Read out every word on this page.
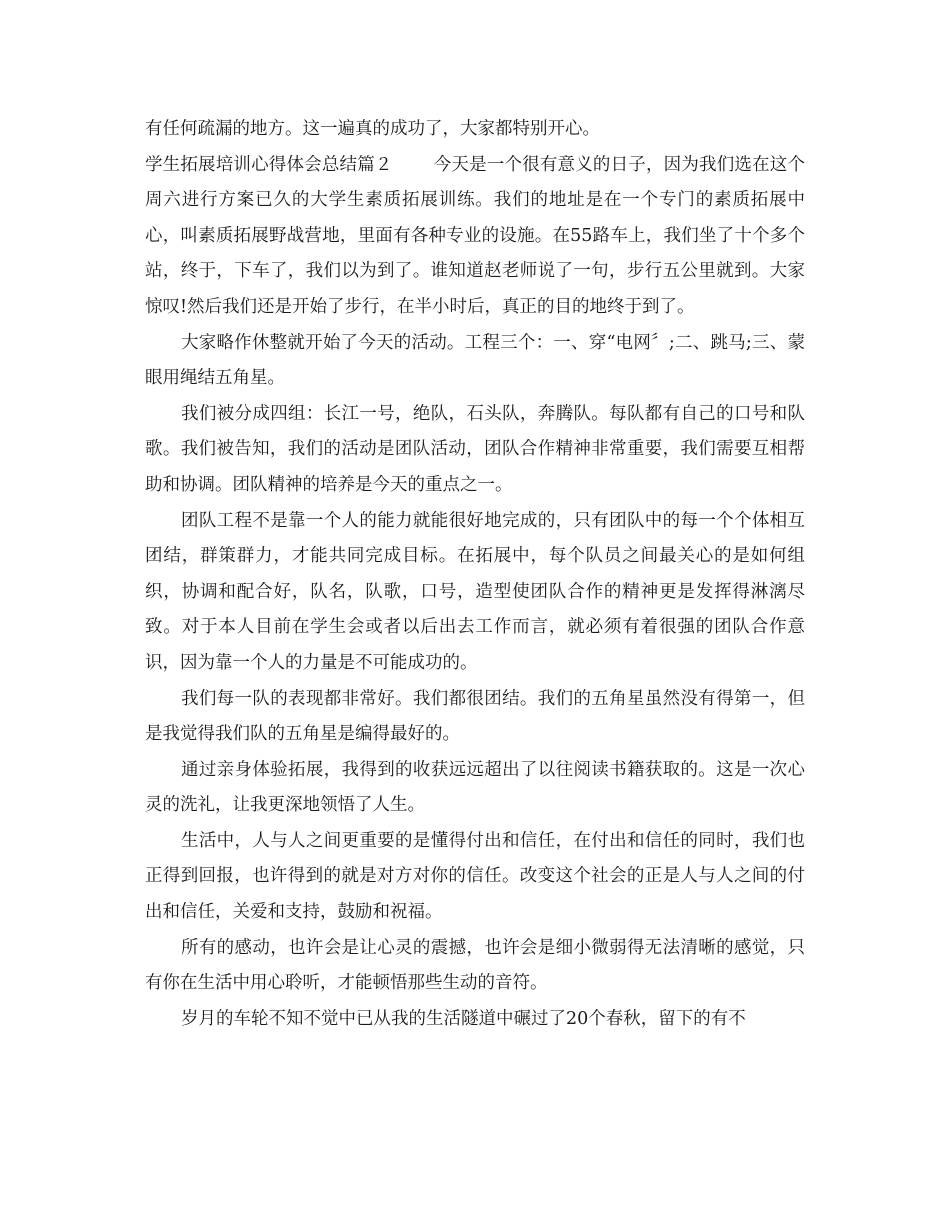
有任何疏漏的地方。这一遍真的成功了，大家都特别开心。

学生拓展培训心得体会总结篇２　　 今天是一个很有意义的日子，因为我们选在这个周六进行方案已久的大学生素质拓展训练。我们的地址是在一个专门的素质拓展中心，叫素质拓展野战营地，里面有各种专业的设施。在55路车上，我们坐了十个多个站，终于，下车了，我们以为到了。谁知道赵老师说了一句，步行五公里就到。大家惊叹!然后我们还是开始了步行，在半小时后，真正的目的地终于到了。

大家略作休整就开始了今天的活动。工程三个：一、穿“电网〞;二、跳马;三、蒙眼用绳结五角星。

我们被分成四组：长江一号，绝队，石头队，奔腾队。每队都有自己的口号和队歌。我们被告知，我们的活动是团队活动，团队合作精神非常重要，我们需要互相帮助和协调。团队精神的培养是今天的重点之一。

团队工程不是靠一个人的能力就能很好地完成的，只有团队中的每一个个体相互团结，群策群力，才能共同完成目标。在拓展中，每个队员之间最关心的是如何组织，协调和配合好，队名，队歌，口号，造型使团队合作的精神更是发挥得淋漓尽致。对于本人目前在学生会或者以后出去工作而言，就必须有着很强的团队合作意识，因为靠一个人的力量是不可能成功的。

我们每一队的表现都非常好。我们都很团结。我们的五角星虽然没有得第一，但是我觉得我们队的五角星是编得最好的。

通过亲身体验拓展，我得到的收获远远超出了以往阅读书籍获取的。这是一次心灵的洗礼，让我更深地领悟了人生。

生活中，人与人之间更重要的是懂得付出和信任，在付出和信任的同时，我们也正得到回报，也许得到的就是对方对你的信任。改变这个社会的正是人与人之间的付出和信任，关爱和支持，鼓励和祝福。

所有的感动，也许会是让心灵的震撼，也许会是细小微弱得无法清晰的感觉，只有你在生活中用心聆听，才能顿悟那些生动的音符。

岁月的车轮不知不觉中已从我的生活隧道中碾过了20个春秋，留下的有不
